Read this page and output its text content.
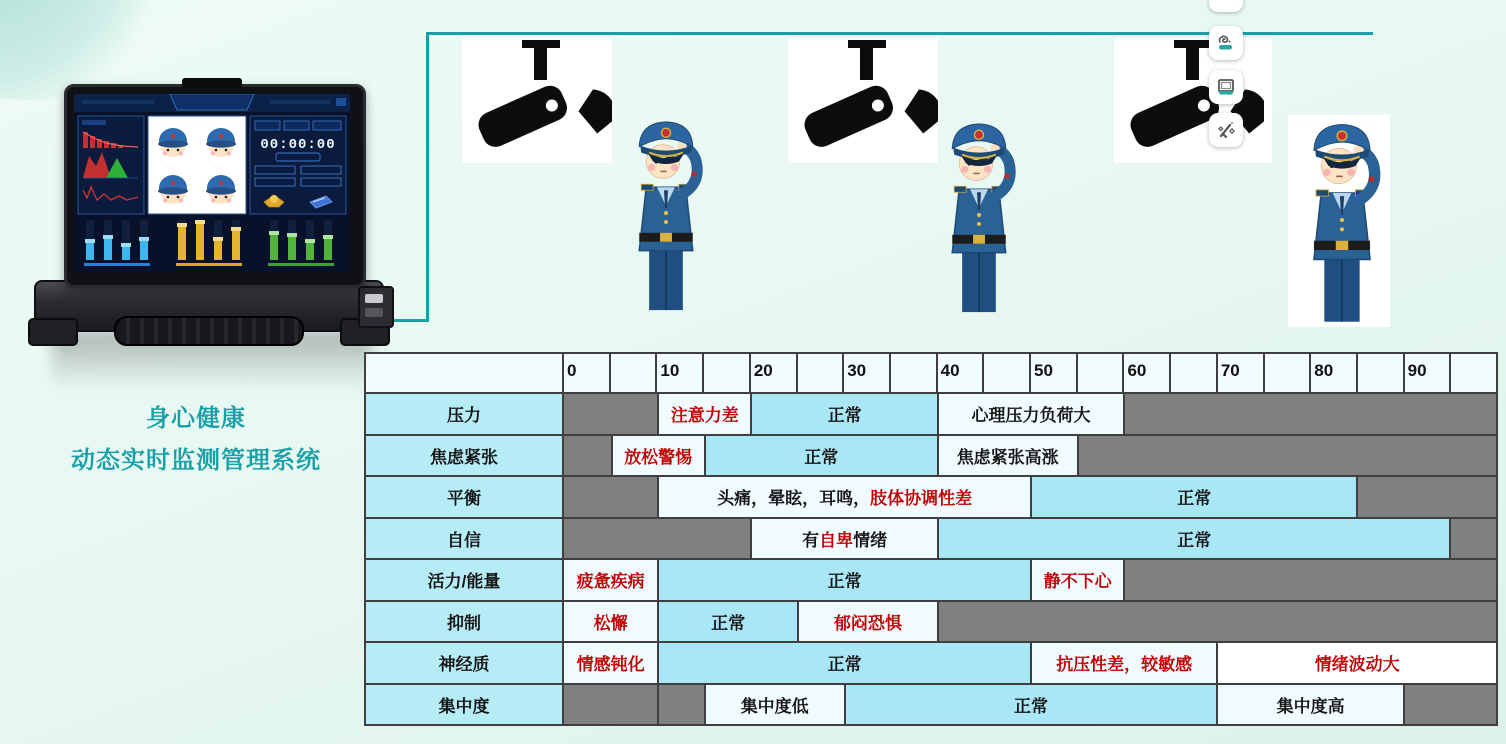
00:00:00
身心健康
动态实时监测管理系统
0	10	20	30	40	50	60	70	80	90
压力	注意力差	正常	心理压力负荷大
焦虑紧张	放松警惕	正常	焦虑紧张高涨
平衡	头痛，晕眩，耳鸣， 肢体协调性差	正常
自信	有 自卑 情绪	正常
活力/能量	疲惫疾病	正常	静不下心
抑制	松懈	正常	郁闷恐惧
神经质	情感钝化	正常	抗压性差，较敏感	情绪波动大
集中度	集中度低	正常	集中度高
